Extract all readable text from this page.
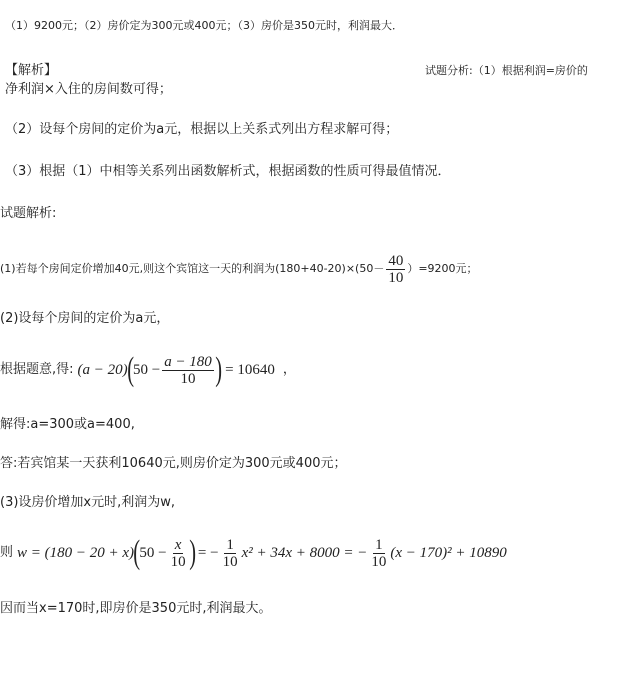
（1）9200元；（2）房价定为300元或400元；（3）房价是350元时，利润最大．
【解析】	试题分析:（1）根据利润=房价的
净利润×入住的房间数可得；
（2）设每个房间的定价为a元，根据以上关系式列出方程求解可得；
（3）根据（1）中相等关系列出函数解析式，根据函数的性质可得最值情况．
试题解析:
(1)若每个房间定价增加40元,则这个宾馆这一天的利润为$(180+40-20)\times(50- \frac{40}{10} )=9200$元；
(2)设每个房间的定价为a元，
根据题意,得: (a − 20) ( $50 - \frac{a - 180}{10}$ ) = 10640 ，
解得:a=300或a=400,
答:若宾馆某一天获利10640元,则房价定为300元或400元；
(3)设房价增加x元时,利润为w,
则 w = (180 − 20 + x) ( $50 - \frac{x}{10}$ ) = − $\frac{1}{10} x^2 + 34x + 8000$ = − $\frac{1}{10} (x - 170)^2 + 10890$
因而当x=170时,即房价是350元时,利润最大。
